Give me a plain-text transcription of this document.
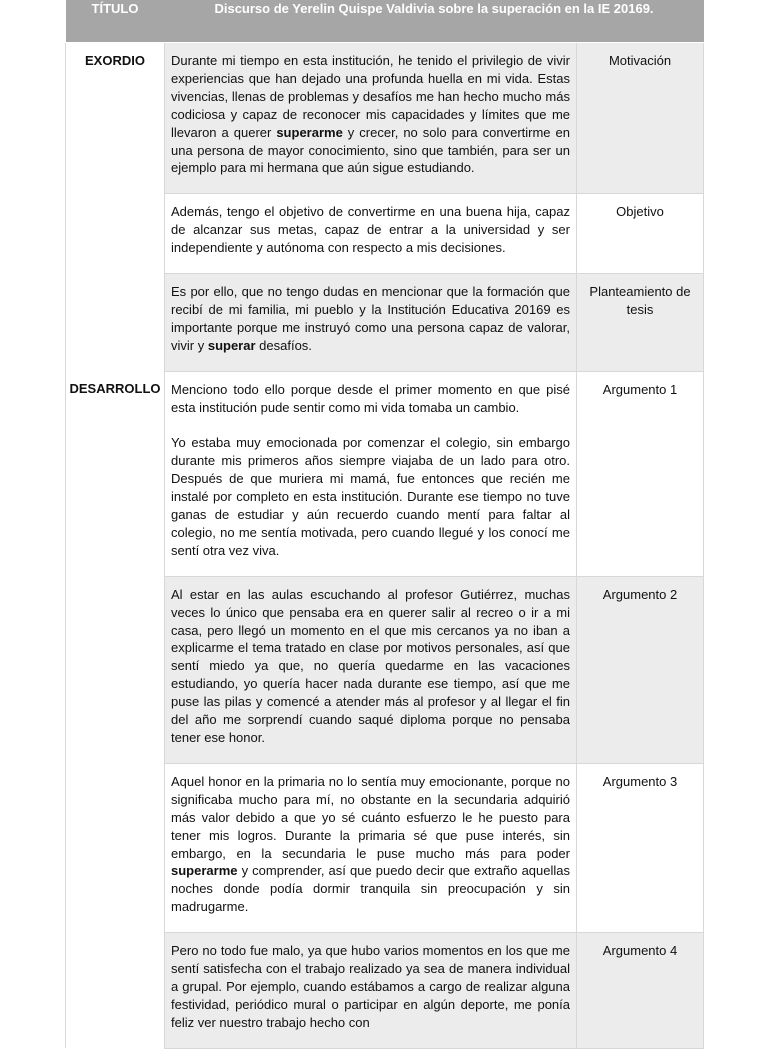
TÍTULO	Discurso de Yerelin Quispe Valdivia sobre la superación en la IE 20169.	
EXORDIO	Durante mi tiempo en esta institución, he tenido el privilegio de vivir experiencias que han dejado una profunda huella en mi vida. Estas vivencias, llenas de problemas y desafíos me han hecho mucho más codiciosa y capaz de reconocer mis capacidades y límites que me llevaron a querer superarme y crecer, no solo para convertirme en una persona de mayor conocimiento, sino que también, para ser un ejemplo para mi hermana que aún sigue estudiando.	Motivación

	Además, tengo el objetivo de convertirme en una buena hija, capaz de alcanzar sus metas, capaz de entrar a la universidad y ser independiente y autónoma con respecto a mis decisiones.	Objetivo

	Es por ello, que no tengo dudas en mencionar que la formación que recibí de mi familia, mi pueblo y la Institución Educativa 20169 es importante porque me instruyó como una persona capaz de valorar, vivir y superar desafíos.	Planteamiento de tesis
DESARROLLO	Menciono todo ello porque desde el primer momento en que pisé esta institución pude sentir como mi vida tomaba un cambio.

Yo estaba muy emocionada por comenzar el colegio, sin embargo durante mis primeros años siempre viajaba de un lado para otro. Después de que muriera mi mamá, fue entonces que recién me instalé por completo en esta institución. Durante ese tiempo no tuve ganas de estudiar y aún recuerdo cuando mentí para faltar al colegio, no me sentía motivada, pero cuando llegué y los conocí me sentí otra vez viva.	Argumento 1

	Al estar en las aulas escuchando al profesor Gutiérrez, muchas veces lo único que pensaba era en querer salir al recreo o ir a mi casa, pero llegó un momento en el que mis cercanos ya no iban a explicarme el tema tratado en clase por motivos personales, así que sentí miedo ya que, no quería quedarme en las vacaciones estudiando, yo quería hacer nada durante ese tiempo, así que me puse las pilas y comencé a atender más al profesor y al llegar el fin del año me sorprendí cuando saqué diploma porque no pensaba tener ese honor.	Argumento 2

	Aquel honor en la primaria no lo sentía muy emocionante, porque no significaba mucho para mí, no obstante en la secundaria adquirió más valor debido a que yo sé cuánto esfuerzo le he puesto para tener mis logros. Durante la primaria sé que puse interés, sin embargo, en la secundaria le puse mucho más para poder superarme y comprender, así que puedo decir que extraño aquellas noches donde podía dormir tranquila sin preocupación y sin madrugarme.	Argumento 3

	Pero no todo fue malo, ya que hubo varios momentos en los que me sentí satisfecha con el trabajo realizado ya sea de manera individual a grupal. Por ejemplo, cuando estábamos a cargo de realizar alguna festividad, periódico mural o participar en algún deporte, me ponía feliz ver nuestro trabajo hecho con	Argumento 4
